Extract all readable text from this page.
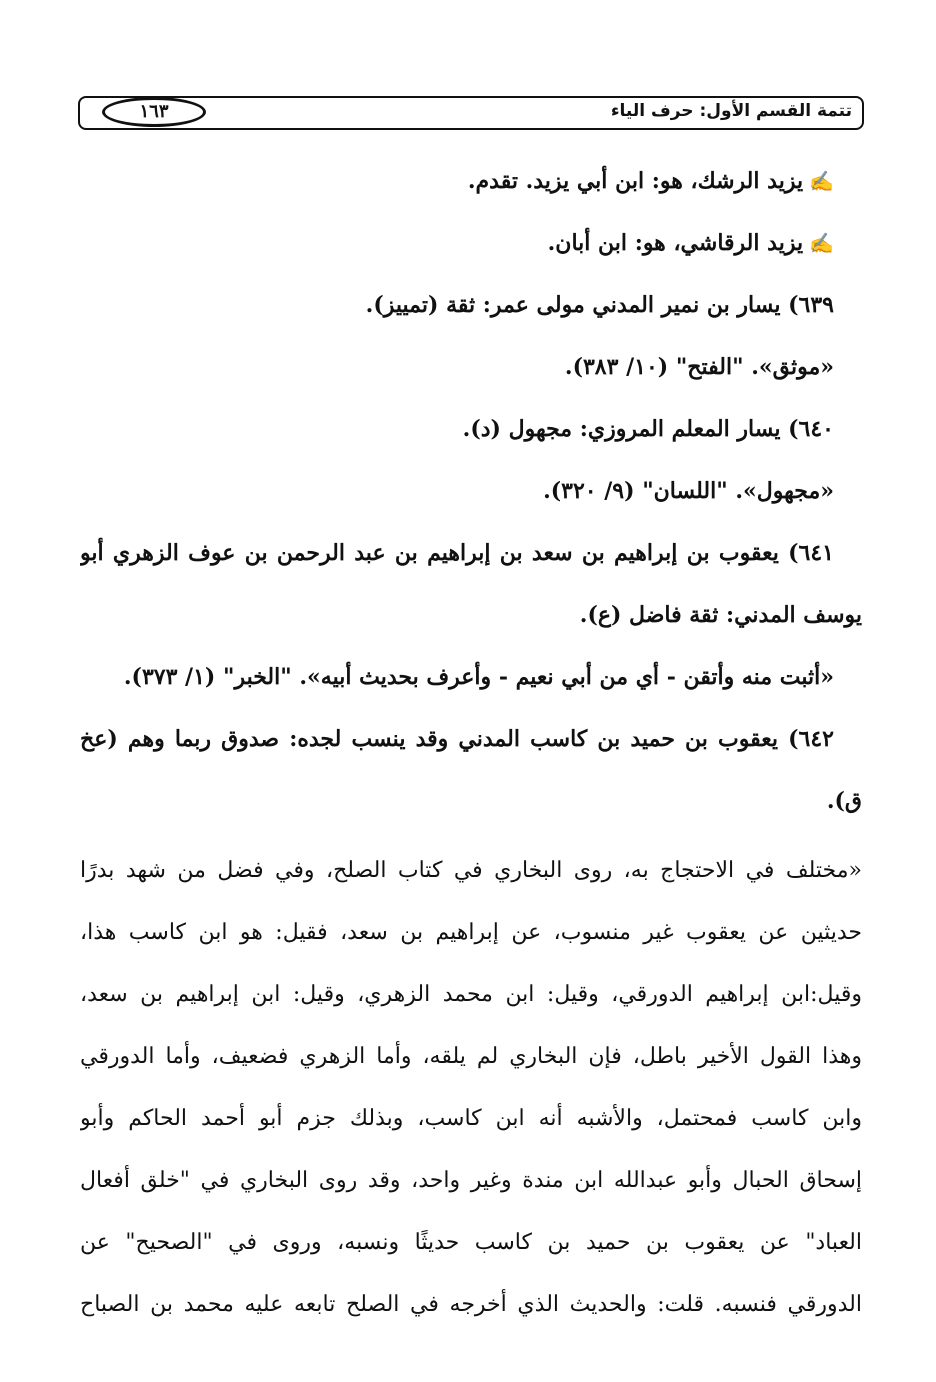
تتمة القسم الأول: حرف الياء
١٦٣
✍يزيد الرشك، هو: ابن أبي يزيد. تقدم.
✍يزيد الرقاشي، هو: ابن أبان.
٦٣٩) يسار بن نمير المدني مولى عمر: ثقة (تمييز).
«موثق». "الفتح" (١٠/ ٣٨٣).
٦٤٠) يسار المعلم المروزي: مجهول (د).
«مجهول». "اللسان" (٩/ ٣٢٠).
٦٤١) يعقوب بن إبراهيم بن سعد بن إبراهيم بن عبد الرحمن بن عوف الزهري أبو
يوسف المدني: ثقة فاضل (ع).
«أثبت منه وأتقن - أي من أبي نعيم - وأعرف بحديث أبيه». "الخبر" (١/ ٣٧٣).
٦٤٢) يعقوب بن حميد بن كاسب المدني وقد ينسب لجده: صدوق ربما وهم (عخ
ق).
«مختلف في الاحتجاج به، روى البخاري في كتاب الصلح، وفي فضل من شهد بدرًا
حديثين عن يعقوب غير منسوب، عن إبراهيم بن سعد، فقيل: هو ابن كاسب هذا،
وقيل:ابن إبراهيم الدورقي، وقيل: ابن محمد الزهري، وقيل: ابن إبراهيم بن سعد،
وهذا القول الأخير باطل، فإن البخاري لم يلقه، وأما الزهري فضعيف، وأما الدورقي
وابن كاسب فمحتمل، والأشبه أنه ابن كاسب، وبذلك جزم أبو أحمد الحاكم وأبو
إسحاق الحبال وأبو عبدالله ابن مندة وغير واحد، وقد روى البخاري في "خلق أفعال
العباد" عن يعقوب بن حميد بن كاسب حديثًا ونسبه، وروى في "الصحيح" عن
الدورقي فنسبه. قلت: والحديث الذي أخرجه في الصلح تابعه عليه محمد بن الصباح
